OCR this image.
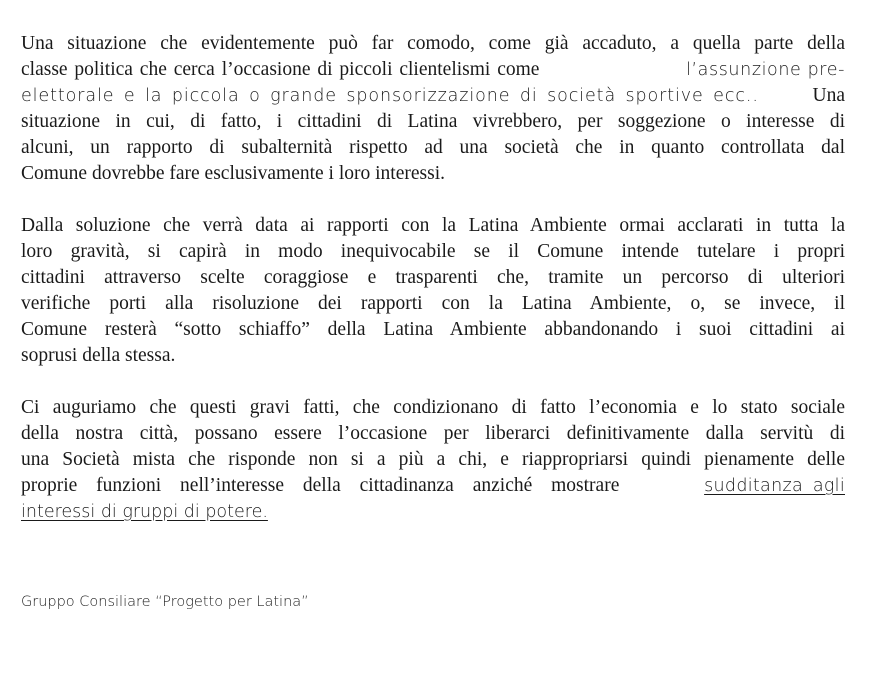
Una situazione che evidentemente può far comodo, come già accaduto, a quella parte della
classe politica che cerca l’occasione di piccoli clientelismi come	l’assunzione pre-
elettorale e la piccola o grande sponsorizzazione di società sportive ecc..	Una
situazione in cui, di fatto, i cittadini di Latina vivrebbero, per soggezione o interesse di
alcuni, un rapporto di subalternità rispetto ad una società che in quanto controllata dal
Comune dovrebbe fare esclusivamente i loro interessi.
Dalla soluzione che verrà data ai rapporti con la Latina Ambiente ormai acclarati in tutta la
loro gravità, si capirà in modo inequivocabile se il Comune intende tutelare i propri
cittadini attraverso scelte coraggiose e trasparenti che, tramite un percorso di ulteriori
verifiche porti alla risoluzione dei rapporti con la Latina Ambiente, o, se invece, il
Comune resterà “sotto schiaffo” della Latina Ambiente abbandonando i suoi cittadini ai
soprusi della stessa.
Ci auguriamo che questi gravi fatti, che condizionano di fatto l’economia e lo stato sociale
della nostra città, possano essere l’occasione per liberarci definitivamente dalla servitù di
una Società mista che risponde non si a più a chi, e riappropriarsi quindi pienamente delle
proprie funzioni nell’interesse della cittadinanza anziché mostrare	sudditanza agli
interessi di gruppi di potere.
Gruppo Consiliare “Progetto per Latina”
